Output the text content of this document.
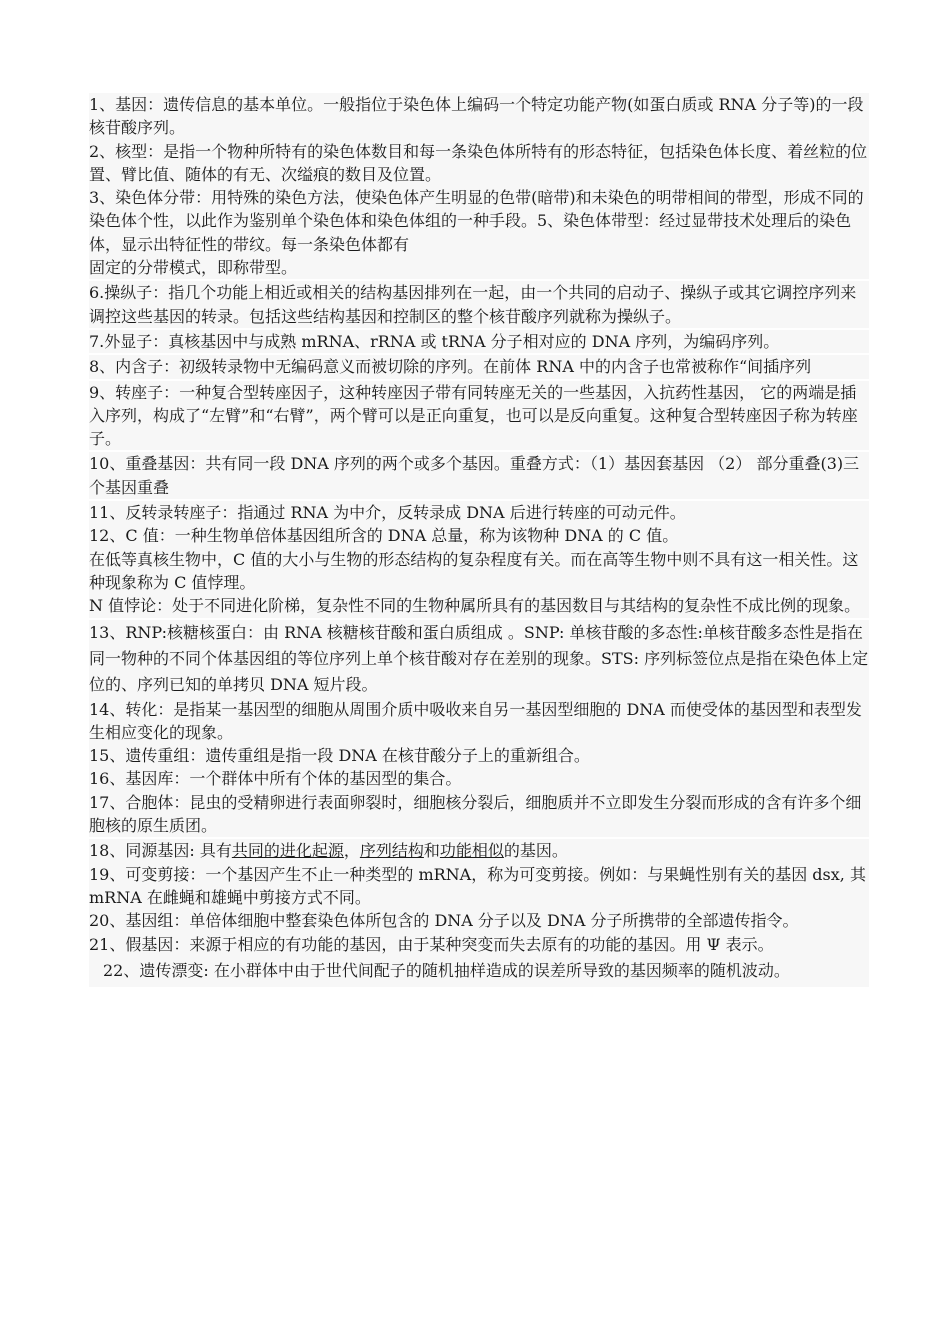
1、基因：遗传信息的基本单位。一般指位于染色体上编码一个特定功能产物(如蛋白质或 RNA 分子等)的一段核苷酸序列。

2、核型：是指一个物种所特有的染色体数目和每一条染色体所特有的形态特征，包括染色体长度、着丝粒的位置、臂比值、随体的有无、次缢痕的数目及位置。

3、染色体分带：用特殊的染色方法，使染色体产生明显的色带(暗带)和未染色的明带相间的带型，形成不同的染色体个性，以此作为鉴别单个染色体和染色体组的一种手段。5、染色体带型：经过显带技术处理后的染色体，显示出特征性的带纹。每一条染色体都有

固定的分带模式，即称带型。

6.操纵子：指几个功能上相近或相关的结构基因排列在一起，由一个共同的启动子、操纵子或其它调控序列来调控这些基因的转录。包括这些结构基因和控制区的整个核苷酸序列就称为操纵子。

7.外显子：真核基因中与成熟 mRNA、rRNA 或 tRNA 分子相对应的 DNA 序列，为编码序列。

8、内含子：初级转录物中无编码意义而被切除的序列。在前体 RNA 中的内含子也常被称作“间插序列

9、转座子：一种复合型转座因子，这种转座因子带有同转座无关的一些基因，入抗药性基因， 它的两端是插入序列，构成了“左臂”和“右臂”，两个臂可以是正向重复，也可以是反向重复。这种复合型转座因子称为转座子。

10、重叠基因：共有同一段 DNA 序列的两个或多个基因。重叠方式：（1）基因套基因 （2） 部分重叠(3)三个基因重叠

11、反转录转座子：指通过 RNA 为中介，反转录成 DNA 后进行转座的可动元件。

12、C 值：一种生物单倍体基因组所含的 DNA 总量，称为该物种 DNA 的 C 值。

在低等真核生物中，C 值的大小与生物的形态结构的复杂程度有关。而在高等生物中则不具有这一相关性。这种现象称为 C 值悖理。

N 值悖论：处于不同进化阶梯，复杂性不同的生物种属所具有的基因数目与其结构的复杂性不成比例的现象。

13、RNP:核糖核蛋白：由 RNA 核糖核苷酸和蛋白质组成 。SNP: 单核苷酸的多态性:单核苷酸多态性是指在同一物种的不同个体基因组的等位序列上单个核苷酸对存在差别的现象。STS: 序列标签位点是指在染色体上定位的、序列已知的单拷贝 DNA 短片段。

14、转化：是指某一基因型的细胞从周围介质中吸收来自另一基因型细胞的 DNA 而使受体的基因型和表型发生相应变化的现象。

15、遗传重组：遗传重组是指一段 DNA 在核苷酸分子上的重新组合。

16、基因库：一个群体中所有个体的基因型的集合。

17、合胞体：昆虫的受精卵进行表面卵裂时，细胞核分裂后，细胞质并不立即发生分裂而形成的含有许多个细胞核的原生质团。

18、同源基因: 具有共同的进化起源，序列结构和功能相似的基因。

19、可变剪接：一个基因产生不止一种类型的 mRNA，称为可变剪接。例如：与果蝇性别有关的基因 dsx, 其 mRNA 在雌蝇和雄蝇中剪接方式不同。

20、基因组：单倍体细胞中整套染色体所包含的 DNA 分子以及 DNA 分子所携带的全部遗传指令。

21、假基因：来源于相应的有功能的基因，由于某种突变而失去原有的功能的基因。用 Ψ 表示。

22、遗传漂变: 在小群体中由于世代间配子的随机抽样造成的误差所导致的基因频率的随机波动。
